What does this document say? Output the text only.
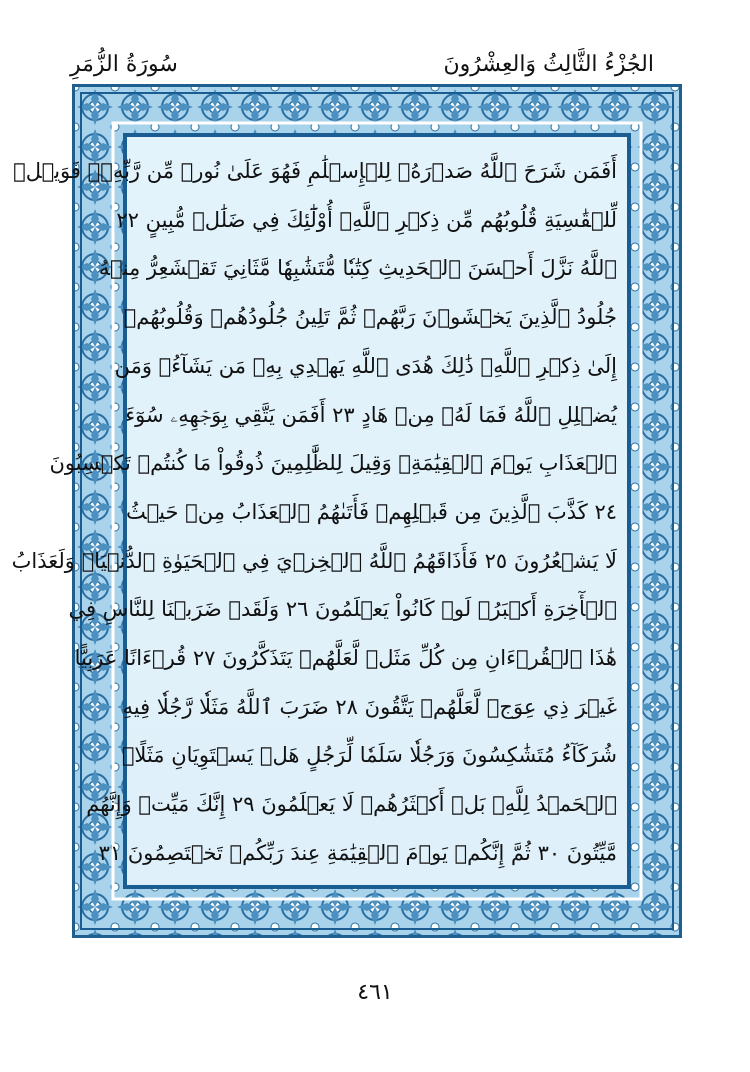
الجُزْءُ الثَّالِثُ وَالعِشْرُونَ
سُورَةُ الزُّمَرِ
أَفَمَن شَرَحَ ٱللَّهُ صَدۡرَهُۥ لِلۡإِسۡلَٰمِ فَهُوَ عَلَىٰ نُورٖ مِّن رَّبِّهِۦۚ فَوَيۡلٞ
لِّلۡقَٰسِيَةِ قُلُوبُهُم مِّن ذِكۡرِ ٱللَّهِۚ أُوْلَٰٓئِكَ فِي ضَلَٰلٖ مُّبِينٍ ٢٢
ٱللَّهُ نَزَّلَ أَحۡسَنَ ٱلۡحَدِيثِ كِتَٰبٗا مُّتَشَٰبِهٗا مَّثَانِيَ تَقۡشَعِرُّ مِنۡهُ
جُلُودُ ٱلَّذِينَ يَخۡشَوۡنَ رَبَّهُمۡ ثُمَّ تَلِينُ جُلُودُهُمۡ وَقُلُوبُهُمۡ
إِلَىٰ ذِكۡرِ ٱللَّهِۚ ذَٰلِكَ هُدَى ٱللَّهِ يَهۡدِي بِهِۦ مَن يَشَآءُۚ وَمَن
يُضۡلِلِ ٱللَّهُ فَمَا لَهُۥ مِنۡ هَادٍ ٢٣ أَفَمَن يَتَّقِي بِوَجۡهِهِۦ سُوٓءَ
ٱلۡعَذَابِ يَوۡمَ ٱلۡقِيَٰمَةِۚ وَقِيلَ لِلظَّٰلِمِينَ ذُوقُواْ مَا كُنتُمۡ تَكۡسِبُونَ
٢٤ كَذَّبَ ٱلَّذِينَ مِن قَبۡلِهِمۡ فَأَتَىٰهُمُ ٱلۡعَذَابُ مِنۡ حَيۡثُ
لَا يَشۡعُرُونَ ٢٥ فَأَذَاقَهُمُ ٱللَّهُ ٱلۡخِزۡيَ فِي ٱلۡحَيَوٰةِ ٱلدُّنۡيَاۖ وَلَعَذَابُ
ٱلۡأٓخِرَةِ أَكۡبَرُۚ لَوۡ كَانُواْ يَعۡلَمُونَ ٢٦ وَلَقَدۡ ضَرَبۡنَا لِلنَّاسِ فِي
هَٰذَا ٱلۡقُرۡءَانِ مِن كُلِّ مَثَلٖ لَّعَلَّهُمۡ يَتَذَكَّرُونَ ٢٧ قُرۡءَانًا عَرَبِيًّا
غَيۡرَ ذِي عِوَجٖ لَّعَلَّهُمۡ يَتَّقُونَ ٢٨ ضَرَبَ ٱللَّهُ مَثَلٗا رَّجُلٗا فِيهِ
شُرَكَآءُ مُتَشَٰكِسُونَ وَرَجُلٗا سَلَمٗا لِّرَجُلٍ هَلۡ يَسۡتَوِيَانِ مَثَلًاۚ
ٱلۡحَمۡدُ لِلَّهِۚ بَلۡ أَكۡثَرُهُمۡ لَا يَعۡلَمُونَ ٢٩ إِنَّكَ مَيِّتٞ وَإِنَّهُم
مَّيِّتُونَ ٣٠ ثُمَّ إِنَّكُمۡ يَوۡمَ ٱلۡقِيَٰمَةِ عِندَ رَبِّكُمۡ تَخۡتَصِمُونَ ٣١
٤٦١
